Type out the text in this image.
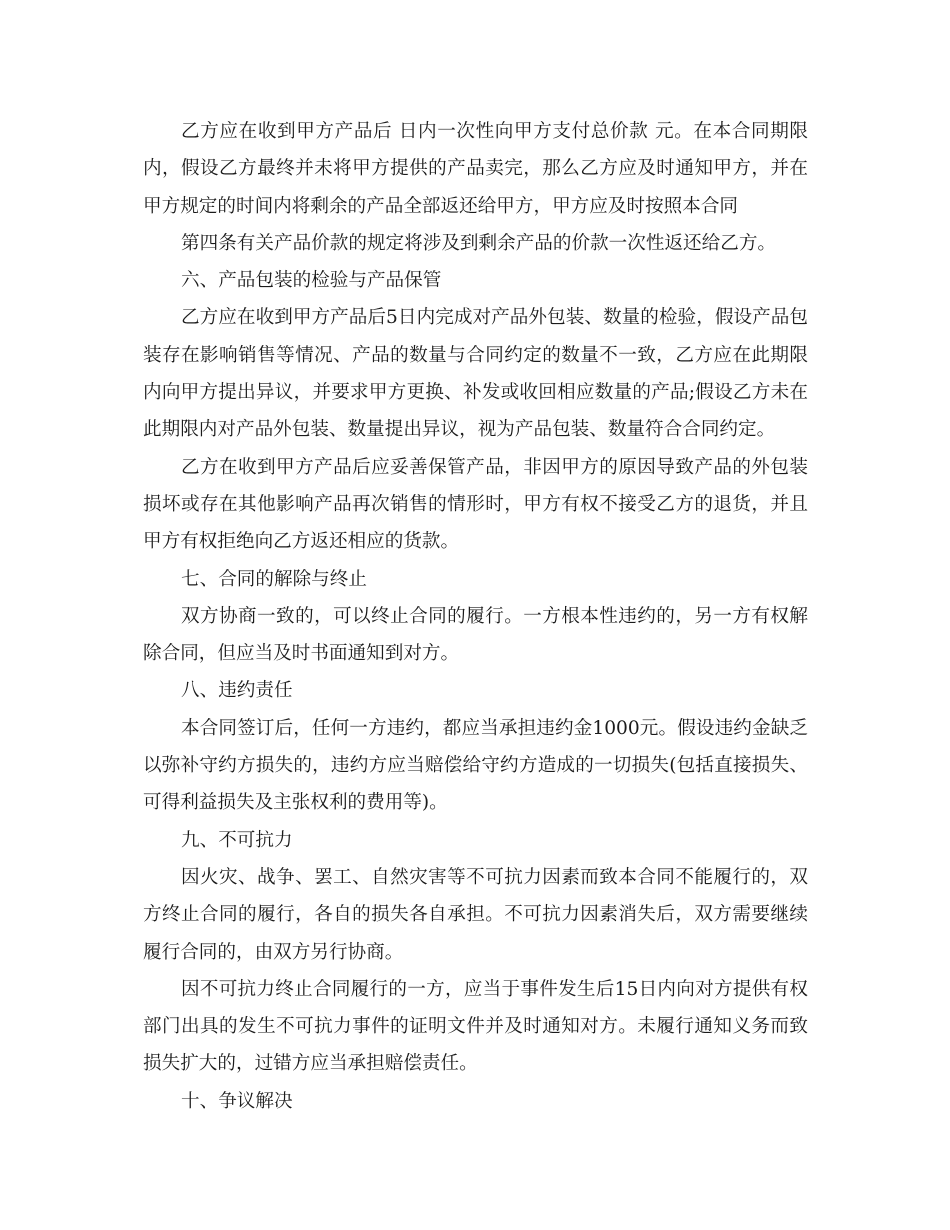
乙方应在收到甲方产品后 日内一次性向甲方支付总价款 元。在本合同期限内，假设乙方最终并未将甲方提供的产品卖完，那么乙方应及时通知甲方，并在甲方规定的时间内将剩余的产品全部返还给甲方，甲方应及时按照本合同

第四条有关产品价款的规定将涉及到剩余产品的价款一次性返还给乙方。

六、产品包装的检验与产品保管

乙方应在收到甲方产品后5日内完成对产品外包装、数量的检验，假设产品包装存在影响销售等情况、产品的数量与合同约定的数量不一致，乙方应在此期限内向甲方提出异议，并要求甲方更换、补发或收回相应数量的产品;假设乙方未在此期限内对产品外包装、数量提出异议，视为产品包装、数量符合合同约定。

乙方在收到甲方产品后应妥善保管产品，非因甲方的原因导致产品的外包装损坏或存在其他影响产品再次销售的情形时，甲方有权不接受乙方的退货，并且甲方有权拒绝向乙方返还相应的货款。

七、合同的解除与终止

双方协商一致的，可以终止合同的履行。一方根本性违约的，另一方有权解除合同，但应当及时书面通知到对方。

八、违约责任

本合同签订后，任何一方违约，都应当承担违约金1000元。假设违约金缺乏以弥补守约方损失的，违约方应当赔偿给守约方造成的一切损失(包括直接损失、可得利益损失及主张权利的费用等)。

九、不可抗力

因火灾、战争、罢工、自然灾害等不可抗力因素而致本合同不能履行的，双方终止合同的履行，各自的损失各自承担。不可抗力因素消失后，双方需要继续履行合同的，由双方另行协商。

因不可抗力终止合同履行的一方，应当于事件发生后15日内向对方提供有权部门出具的发生不可抗力事件的证明文件并及时通知对方。未履行通知义务而致损失扩大的，过错方应当承担赔偿责任。

十、争议解决
